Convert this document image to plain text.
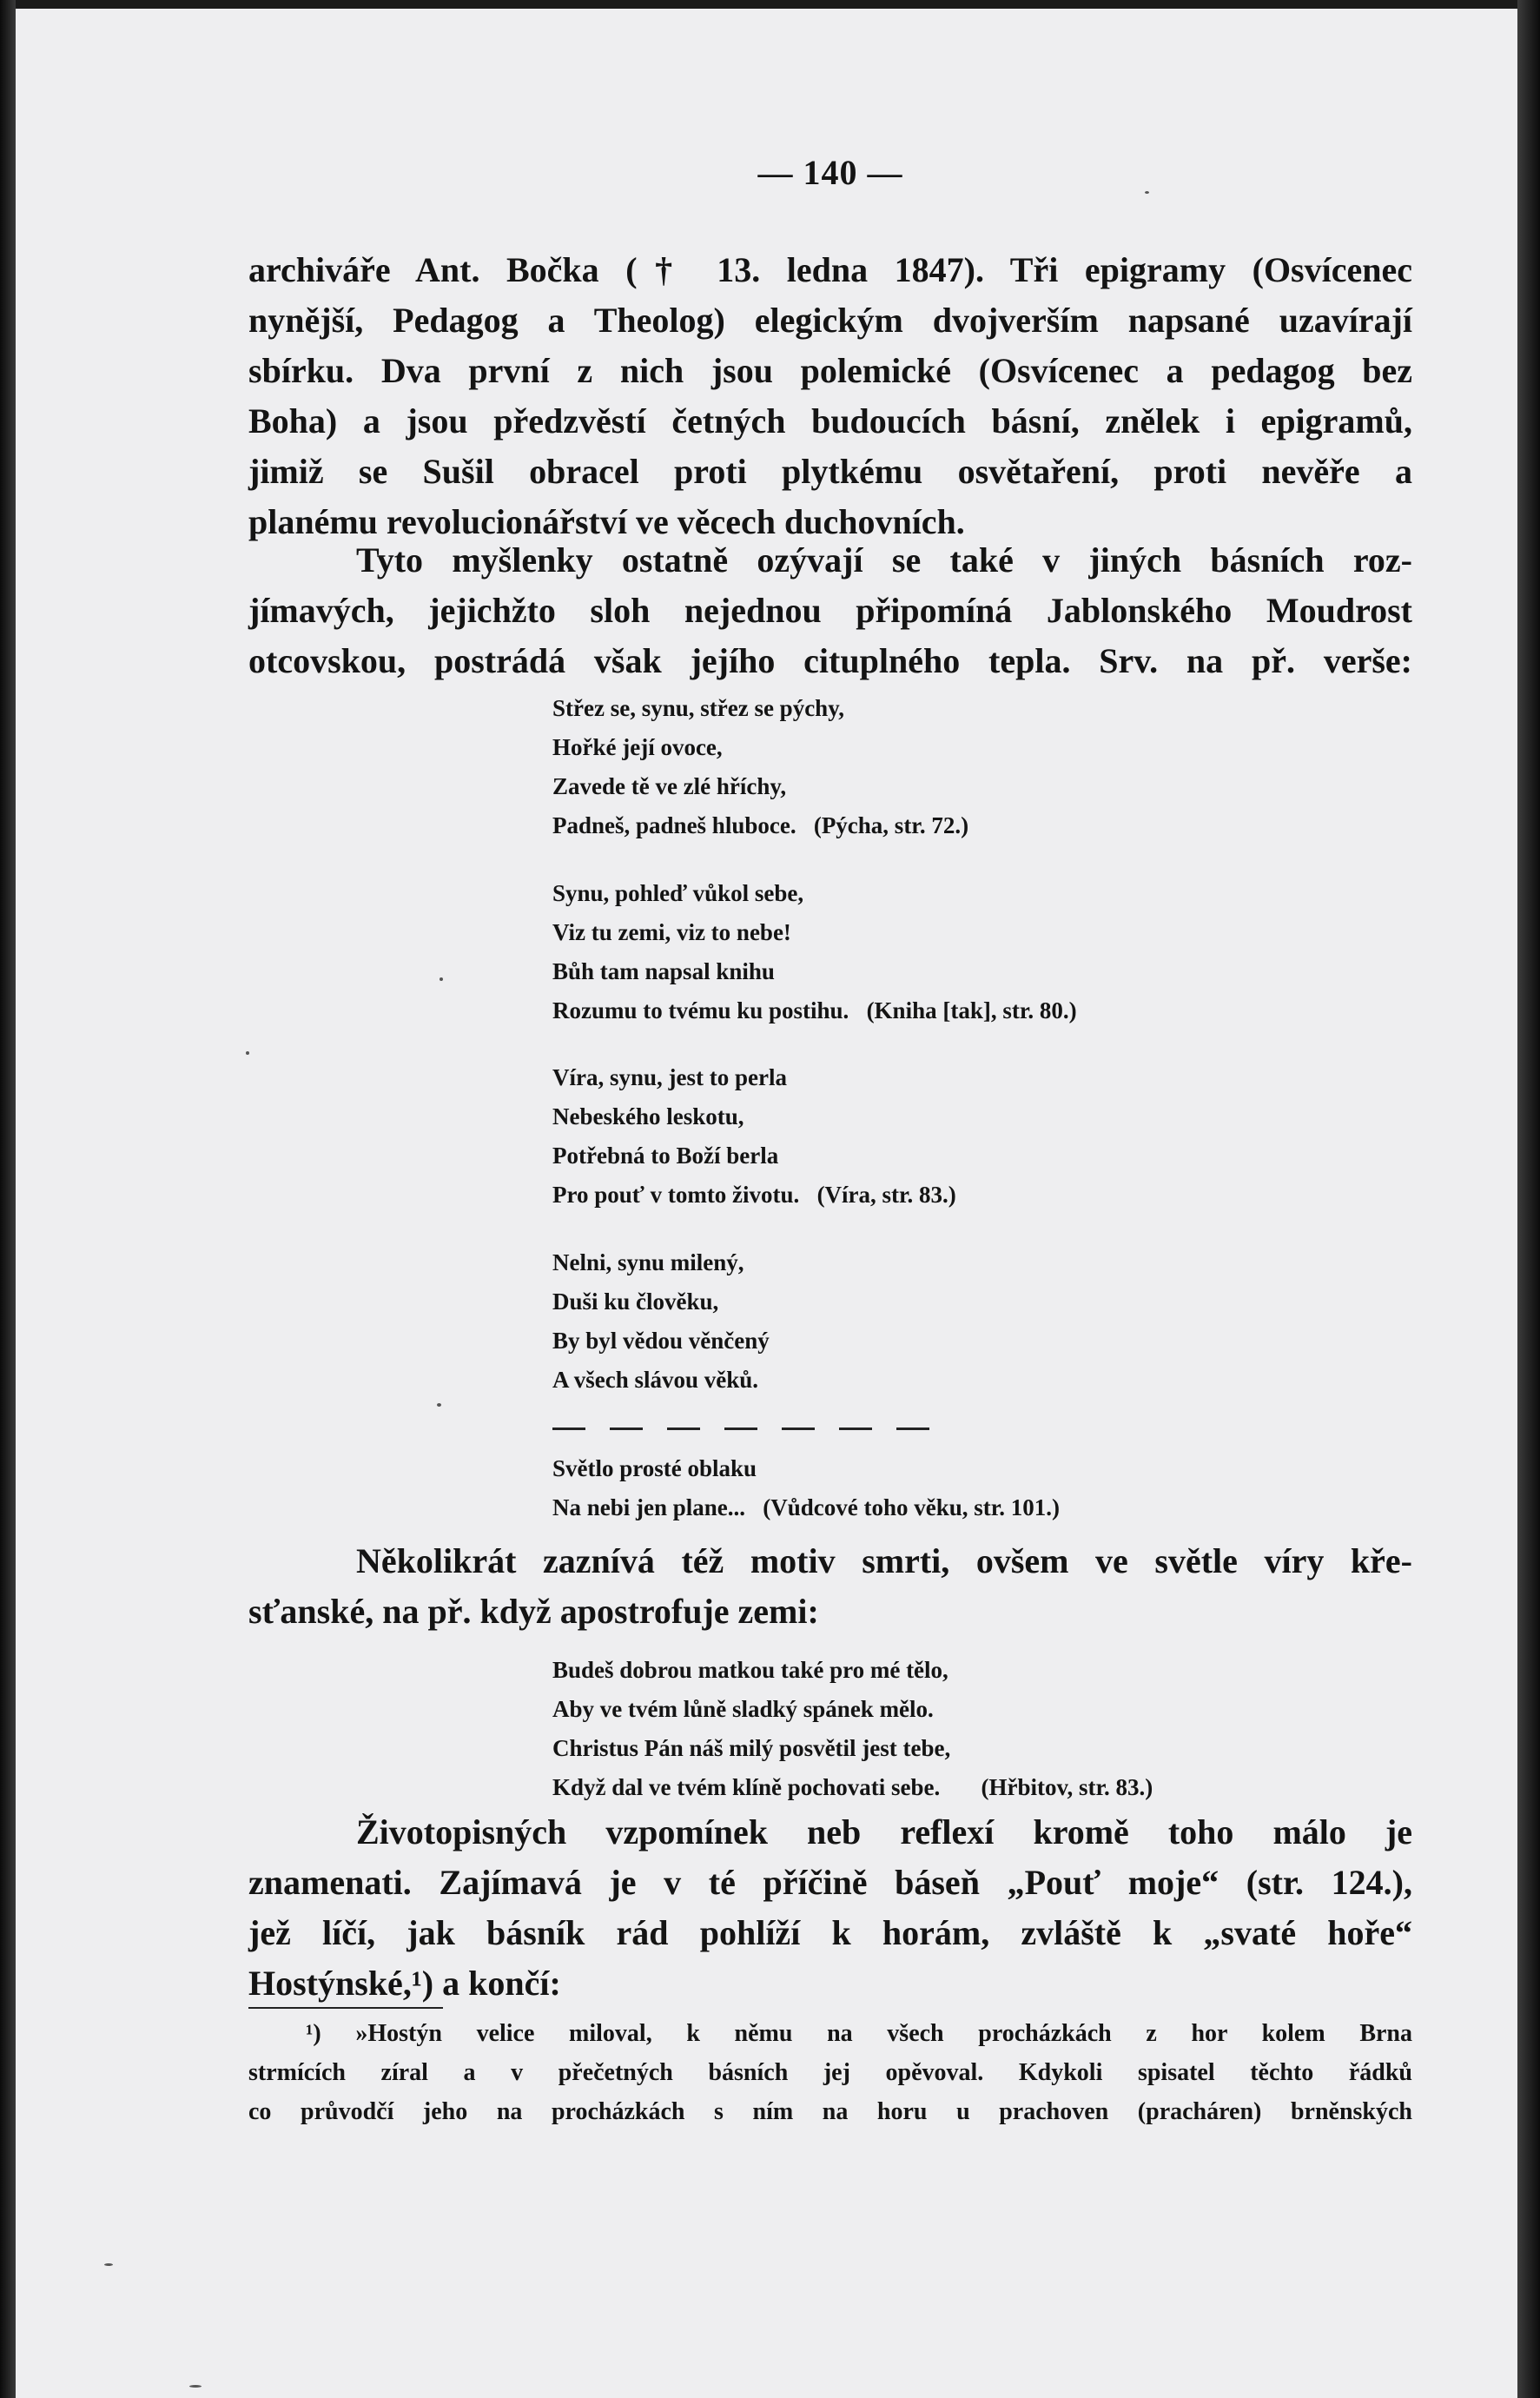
— 140 —

archiváře Ant. Bočka († 13. ledna 1847). Tři epigramy (Osvícenec
nynější, Pedagog a Theolog) elegickým dvojverším napsané uzavírají
sbírku. Dva první z nich jsou polemické (Osvícenec a pedagog bez
Boha) a jsou předzvěstí četných budoucích básní, znělek i epigramů,
jimiž se Sušil obracel proti plytkému osvětaření, proti nevěře a
planému revolucionářství ve věcech duchovních.

Tyto myšlenky ostatně ozývají se také v jiných básních roz-
jímavých, jejichžto sloh nejednou připomíná Jablonského Moudrost
otcovskou, postrádá však jejího cituplného tepla. Srv. na př. verše:

Střez se, synu, střez se pýchy,
Hořké její ovoce,
Zavede tě ve zlé hříchy,
Padneš, padneš hluboce. (Pýcha, str. 72.)
Synu, pohleď vůkol sebe,
Viz tu zemi, viz to nebe!
Bůh tam napsal knihu
Rozumu to tvému ku postihu. (Kniha [tak], str. 80.)
Víra, synu, jest to perla
Nebeského leskotu,
Potřebná to Boží berla
Pro pouť v tomto životu. (Víra, str. 83.)
Nelni, synu milený,
Duši ku člověku,
By byl vědou věnčený
A všech slávou věků.
Světlo prosté oblaku
Na nebi jen plane... (Vůdcové toho věku, str. 101.)

Několikrát zaznívá též motiv smrti, ovšem ve světle víry kře-
sťanské, na př. když apostrofuje zemi:

Budeš dobrou matkou také pro mé tělo,
Aby ve tvém lůně sladký spánek mělo.
Christus Pán náš milý posvětil jest tebe,
Když dal ve tvém klíně pochovati sebe. (Hřbitov, str. 83.)

Životopisných vzpomínek neb reflexí kromě toho málo je
znamenati. Zajímavá je v té příčině báseň „Pouť moje“ (str. 124.),
jež líčí, jak básník rád pohlíží k horám, zvláště k „svaté hoře“
Hostýnské,¹) a končí:

¹) »Hostýn velice miloval, k němu na všech procházkách z hor kolem Brna
strmících zíral a v přečetných básních jej opěvoval. Kdykoli spisatel těchto řádků
co průvodčí jeho na procházkách s ním na horu u prachoven (pracháren) brněnských
